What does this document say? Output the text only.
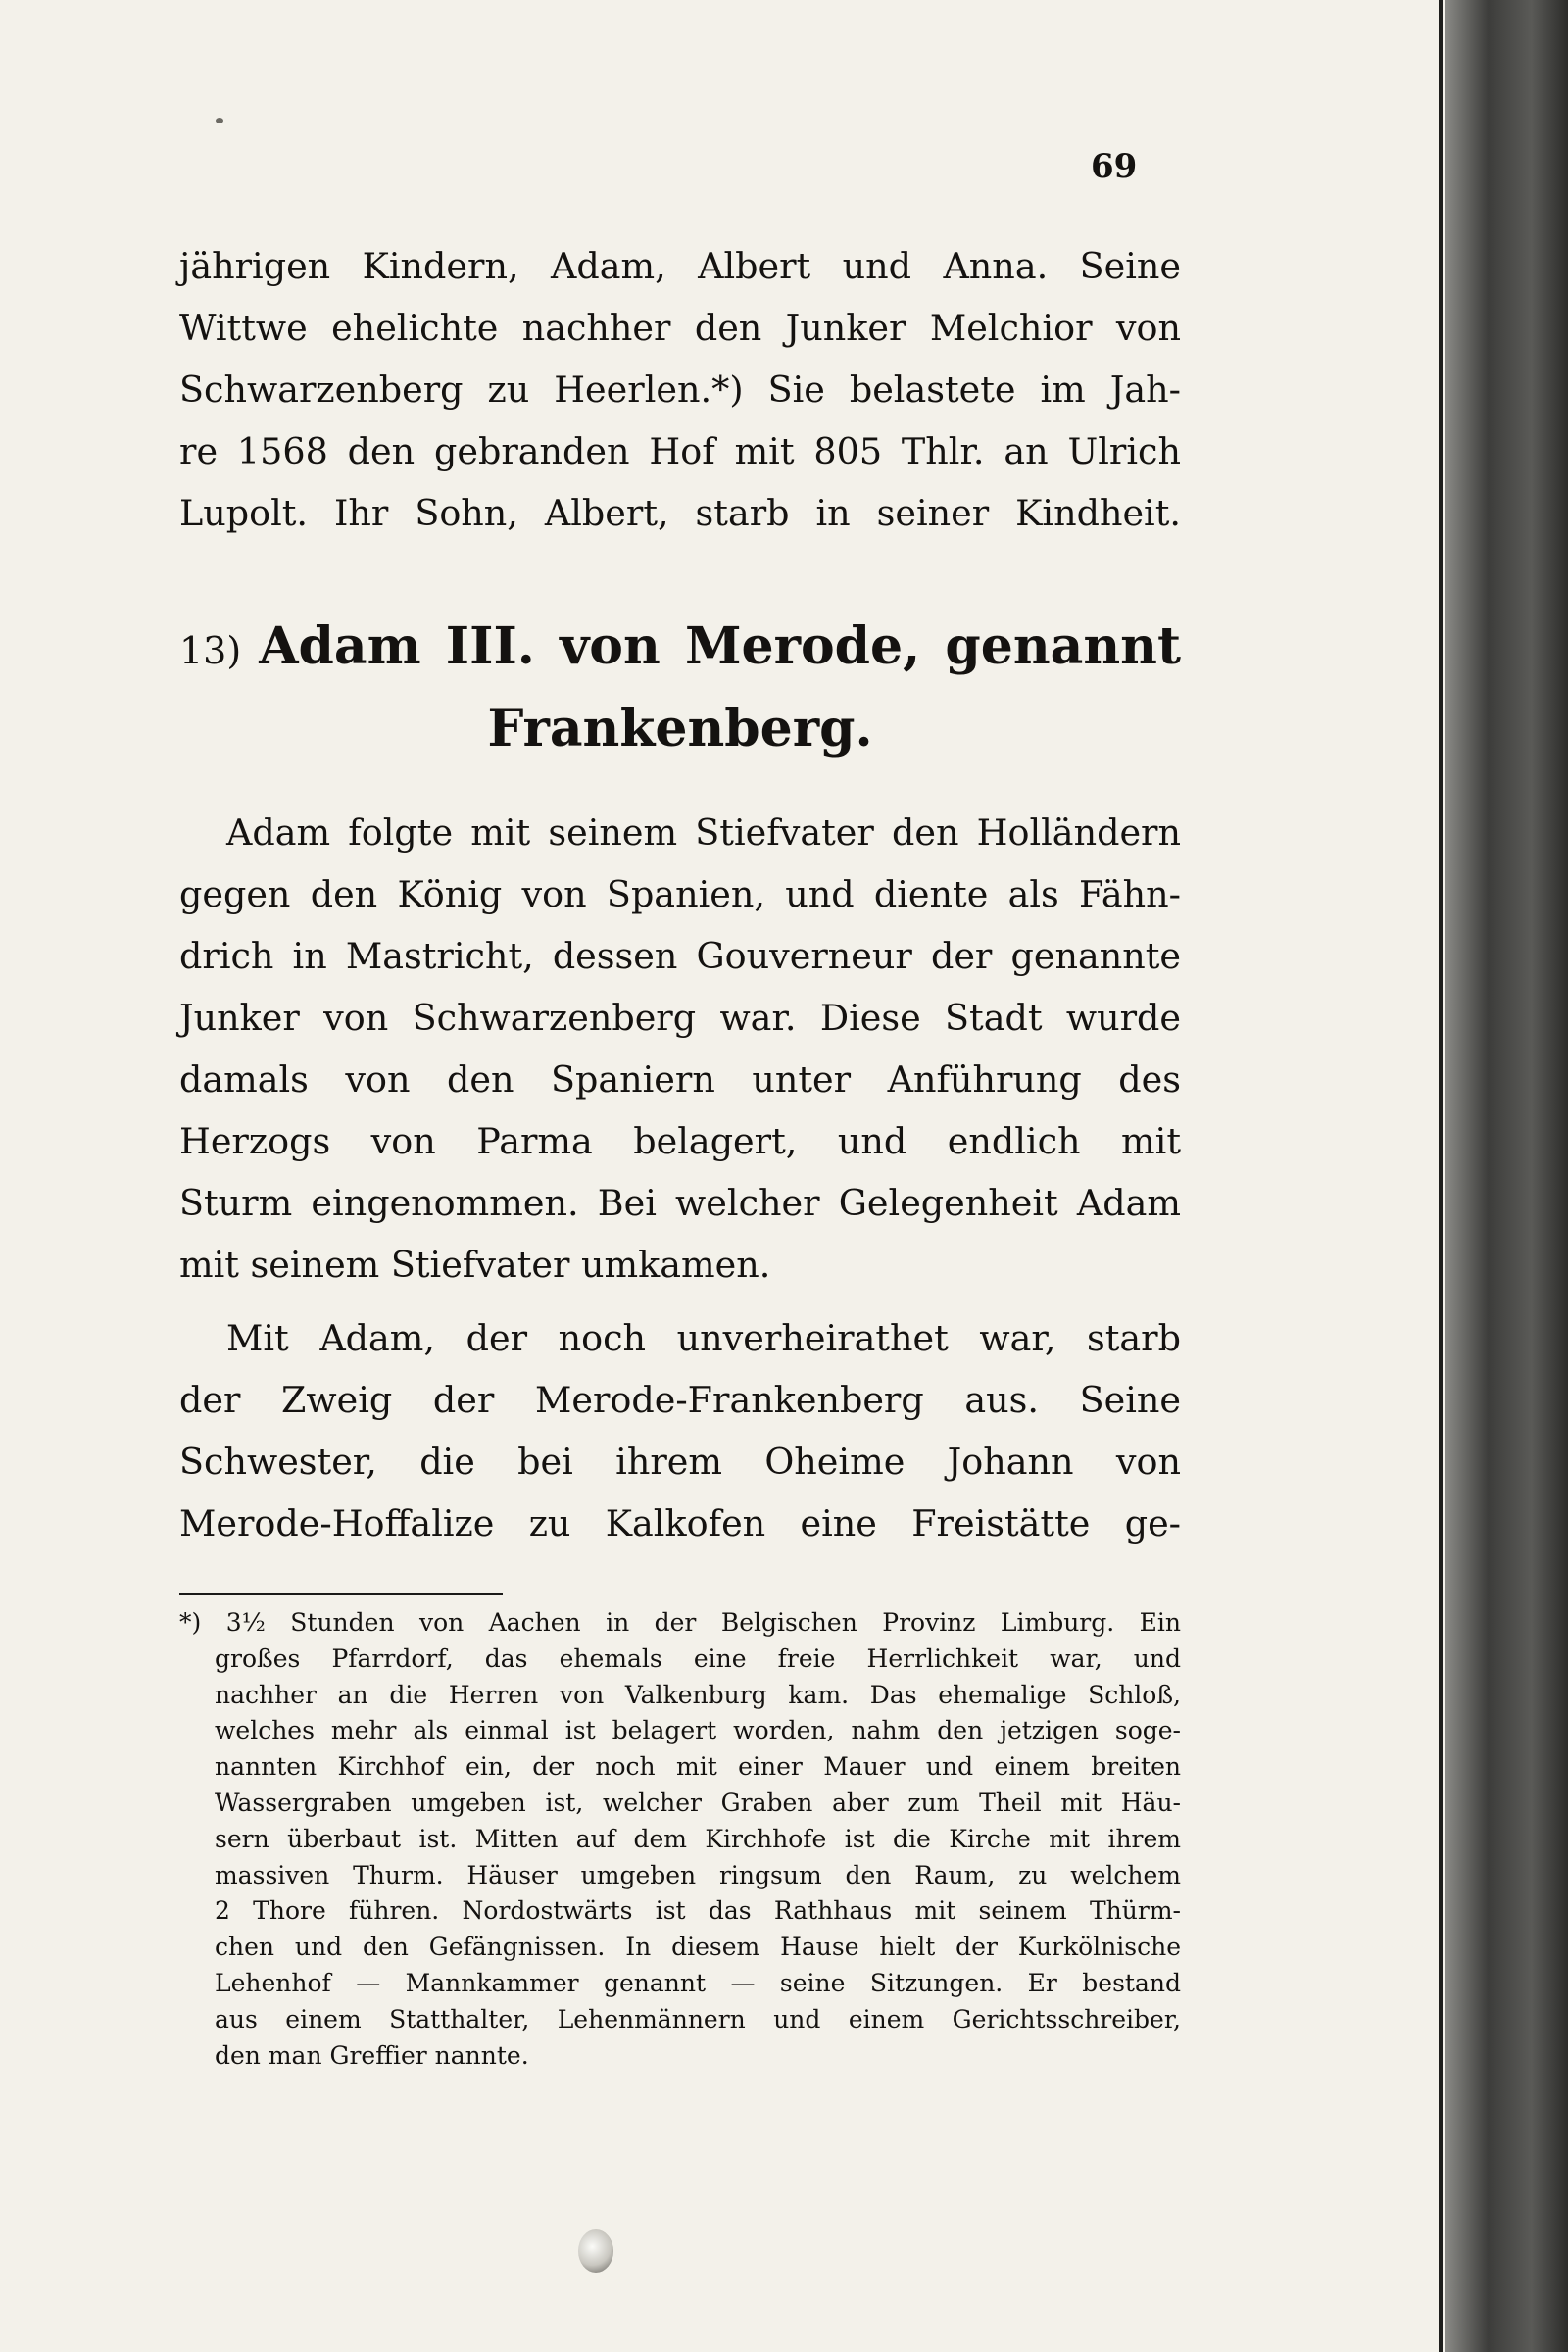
69
jährigen Kindern, Adam, Albert und Anna. Seine
Wittwe ehelichte nachher den Junker Melchior von
Schwarzenberg zu Heerlen.*) Sie belastete im Jah-
re 1568 den gebranden Hof mit 805 Thlr. an Ulrich
Lupolt. Ihr Sohn, Albert, starb in seiner Kindheit.
13) Adam III. von Merode, genannt
Frankenberg.
Adam folgte mit seinem Stiefvater den Holländern
gegen den König von Spanien, und diente als Fähn-
drich in Mastricht, dessen Gouverneur der genannte
Junker von Schwarzenberg war. Diese Stadt wurde
damals von den Spaniern unter Anführung des
Herzogs von Parma belagert, und endlich mit
Sturm eingenommen. Bei welcher Gelegenheit Adam
mit seinem Stiefvater umkamen.
Mit Adam, der noch unverheirathet war, starb
der Zweig der Merode-Frankenberg aus. Seine
Schwester, die bei ihrem Oheime Johann von
Merode-Hoffalize zu Kalkofen eine Freistätte ge-
*) 3½ Stunden von Aachen in der Belgischen Provinz Limburg. Ein
großes Pfarrdorf, das ehemals eine freie Herrlichkeit war, und
nachher an die Herren von Valkenburg kam. Das ehemalige Schloß,
welches mehr als einmal ist belagert worden, nahm den jetzigen soge-
nannten Kirchhof ein, der noch mit einer Mauer und einem breiten
Wassergraben umgeben ist, welcher Graben aber zum Theil mit Häu-
sern überbaut ist. Mitten auf dem Kirchhofe ist die Kirche mit ihrem
massiven Thurm. Häuser umgeben ringsum den Raum, zu welchem
2 Thore führen. Nordostwärts ist das Rathhaus mit seinem Thürm-
chen und den Gefängnissen. In diesem Hause hielt der Kurkölnische
Lehenhof — Mannkammer genannt — seine Sitzungen. Er bestand
aus einem Statthalter, Lehenmännern und einem Gerichtsschreiber,
den man Greffier nannte.
